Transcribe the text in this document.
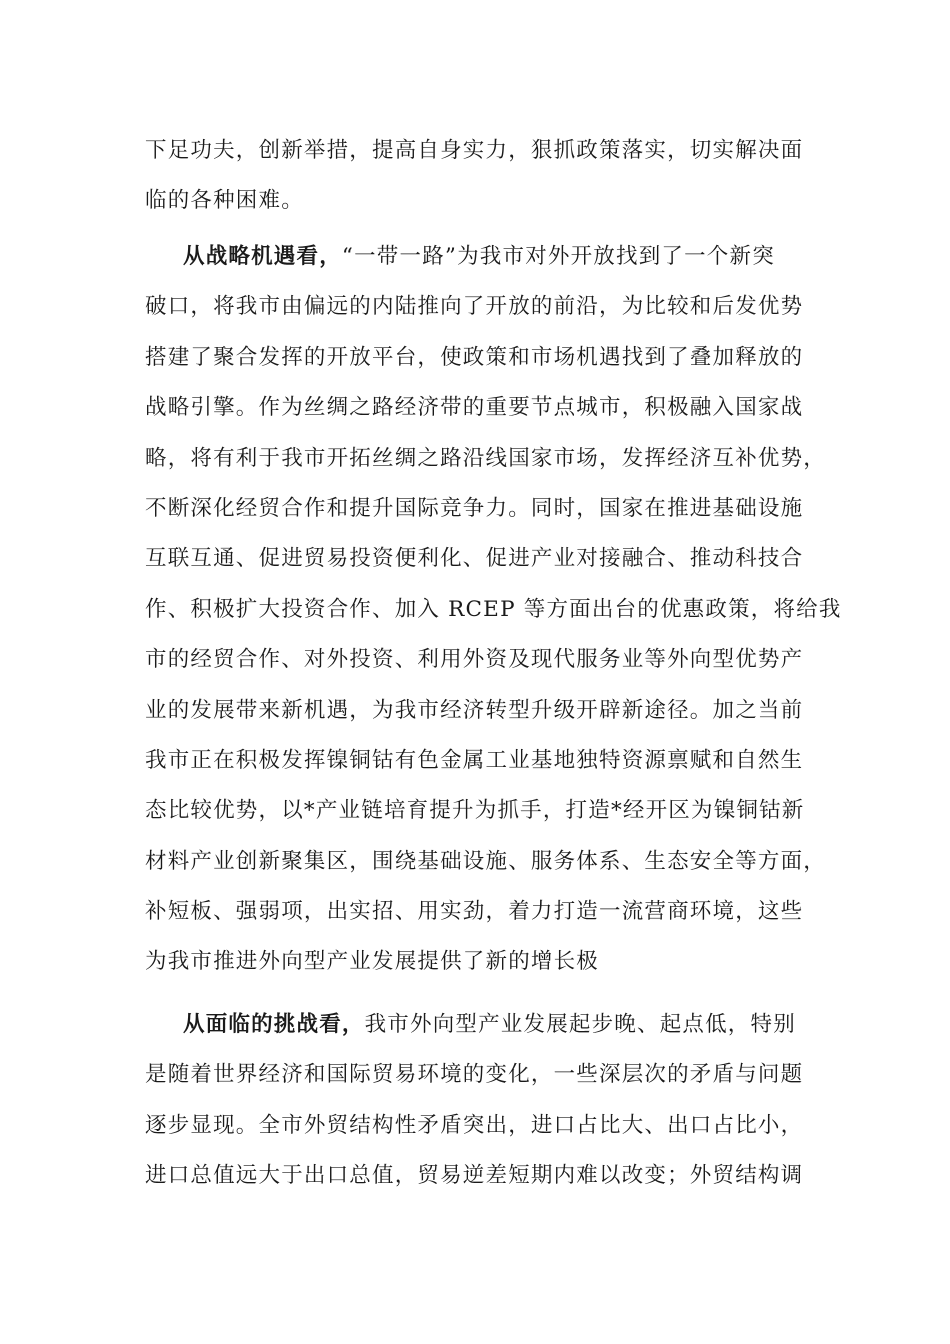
下足功夫，创新举措，提高自身实力，狠抓政策落实，切实解决面
临的各种困难。
从战略机遇看，“一带一路”为我市对外开放找到了一个新突
破口，将我市由偏远的内陆推向了开放的前沿，为比较和后发优势
搭建了聚合发挥的开放平台，使政策和市场机遇找到了叠加释放的
战略引擎。作为丝绸之路经济带的重要节点城市，积极融入国家战
略，将有利于我市开拓丝绸之路沿线国家市场，发挥经济互补优势，
不断深化经贸合作和提升国际竞争力。同时，国家在推进基础设施
互联互通、促进贸易投资便利化、促进产业对接融合、推动科技合
作、积极扩大投资合作、加入 RCEP 等方面出台的优惠政策，将给我
市的经贸合作、对外投资、利用外资及现代服务业等外向型优势产
业的发展带来新机遇，为我市经济转型升级开辟新途径。加之当前
我市正在积极发挥镍铜钴有色金属工业基地独特资源禀赋和自然生
态比较优势，以*产业链培育提升为抓手，打造*经开区为镍铜钴新
材料产业创新聚集区，围绕基础设施、服务体系、生态安全等方面，
补短板、强弱项，出实招、用实劲，着力打造一流营商环境，这些
为我市推进外向型产业发展提供了新的增长极
从面临的挑战看，我市外向型产业发展起步晚、起点低，特别
是随着世界经济和国际贸易环境的变化，一些深层次的矛盾与问题
逐步显现。全市外贸结构性矛盾突出，进口占比大、出口占比小，
进口总值远大于出口总值，贸易逆差短期内难以改变；外贸结构调
